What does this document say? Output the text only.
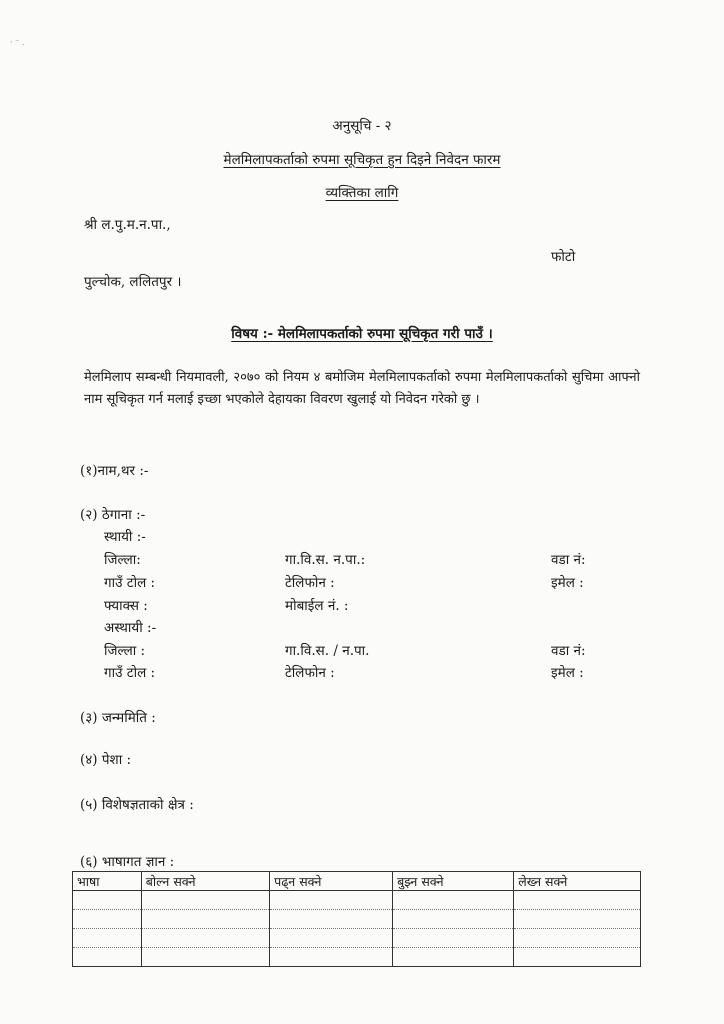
· ⁻ .
अनुसूचि - २
मेलमिलापकर्ताको रुपमा सूचिकृत हुन दिइने निवेदन फारम
व्यक्तिका लागि
श्री ल.पु.म.न.पा.,
फोटो
पुल्चोक, ललितपुर ।
विषय :- मेलमिलापकर्ताको रुपमा सूचिकृत गरी पाउँ ।
मेलमिलाप सम्बन्धी नियमावली, २०७० को नियम ४ बमोजिम मेलमिलापकर्ताको रुपमा मेलमिलापकर्ताको सुचिमा आफ्नो नाम सूचिकृत गर्न मलाई इच्छा भएकोले देहायका विवरण खुलाई यो निवेदन गरेको छु ।
(१)नाम,थर :-
(२) ठेगाना :-
स्थायी :-
जिल्ला:	गा.वि.स. न.पा.:	वडा नं:
गाउँ टोल :	टेलिफोन :	इमेल :
फ्याक्स :	मोबाईल नं. :
अस्थायी :-
जिल्ला :	गा.वि.स. / न.पा.	वडा नं:
गाउँ टोल :	टेलिफोन :	इमेल :
(३) जन्ममिति :
(४) पेशा :
(५) विशेषज्ञताको क्षेत्र :
(६) भाषागत ज्ञान :
भाषा	बोल्न सक्ने	पढ्न सक्ने	बुझ्न सक्ने	लेख्न सक्ने
